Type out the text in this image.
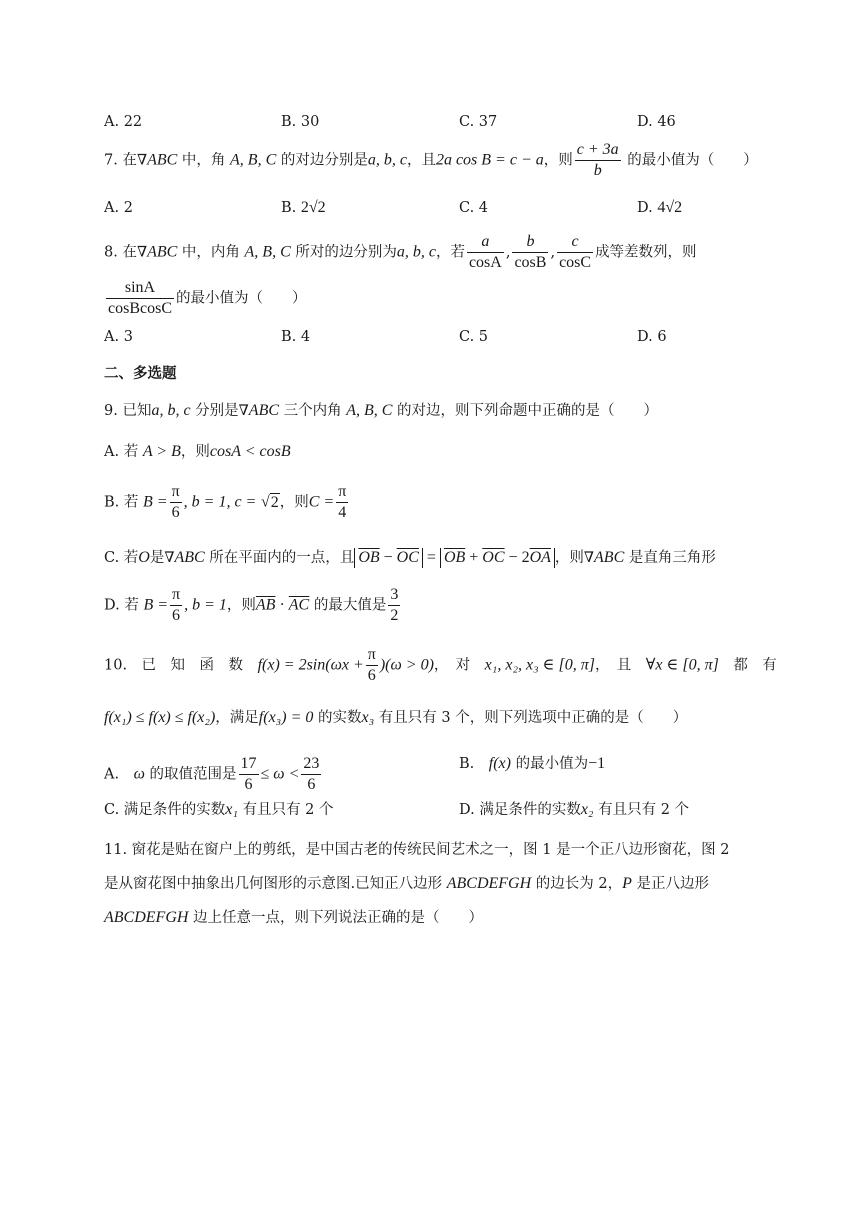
A. 22	B. 30	C. 37	D. 46
7. 在∇ABC 中，角 A, B, C 的对边分别是a, b, c，且2a cos B = c − a，则 $\frac{c + 3a}{b}$ 的最小值为（　　）
A. 2	B. 2√2	C. 4	D. 4√2
8. 在∇ABC 中，内角 A, B, C 所对的边分别为a, b, c，若 $\frac{a}{\cos A}$ , $\frac{b}{\cos B}$ , $\frac{c}{\cos C}$ 成等差数列，则
$\frac{\sin A}{\text{cosBcosC}}$ 的最小值为（　　）
A. 3	B. 4	C. 5	D. 6
二、多选题
9. 已知a, b, c 分别是∇ABC 三个内角 A, B, C 的对边，则下列命题中正确的是（　　）
A. 若 A > B，则cosA < cosB
B. 若 $B = \frac{\pi}{6}$ , b = 1, c = √2，则$C = \frac{\pi}{4}$
C. 若O是∇ABC 所在平面内的一点，且 $\overline{OB} - \overline{OC} = \overline{OB} + \overline{OC} - 2\overline{OA}$ ，则∇ABC 是直角三角形
D. 若 $B = \frac{\pi}{6}$ , b = 1，则$\overline{AB} \cdot \overline{AC}$ 的最大值是 $\frac{3}{2}$
10.　已　知　函　数　 $f(x) = 2\sin(\omega x + \frac{\pi}{6} )(\omega > 0)$，　对　 x₁, x₂, x₃ ∈ [0, π]，　且　 ∀x ∈ [0, π]　 都　有
f(x₁) ≤ f(x) ≤ f(x₂)，满足f(x₃) = 0 的实数x₃ 有且只有 3 个，则下列选项中正确的是（　　）
A.　 ω 的取值范围是 $\frac{17}{6} \le \omega < \frac{23}{6}$	B.　 f(x) 的最小值为−1
C. 满足条件的实数x₁ 有且只有 2 个	D. 满足条件的实数x₂ 有且只有 2 个
11. 窗花是贴在窗户上的剪纸，是中国古老的传统民间艺术之一，图 1 是一个正八边形窗花，图 2
是从窗花图中抽象出几何图形的示意图.已知正八边形 ABCDEFGH 的边长为 2，P 是正八边形
ABCDEFGH 边上任意一点，则下列说法正确的是（　　）
